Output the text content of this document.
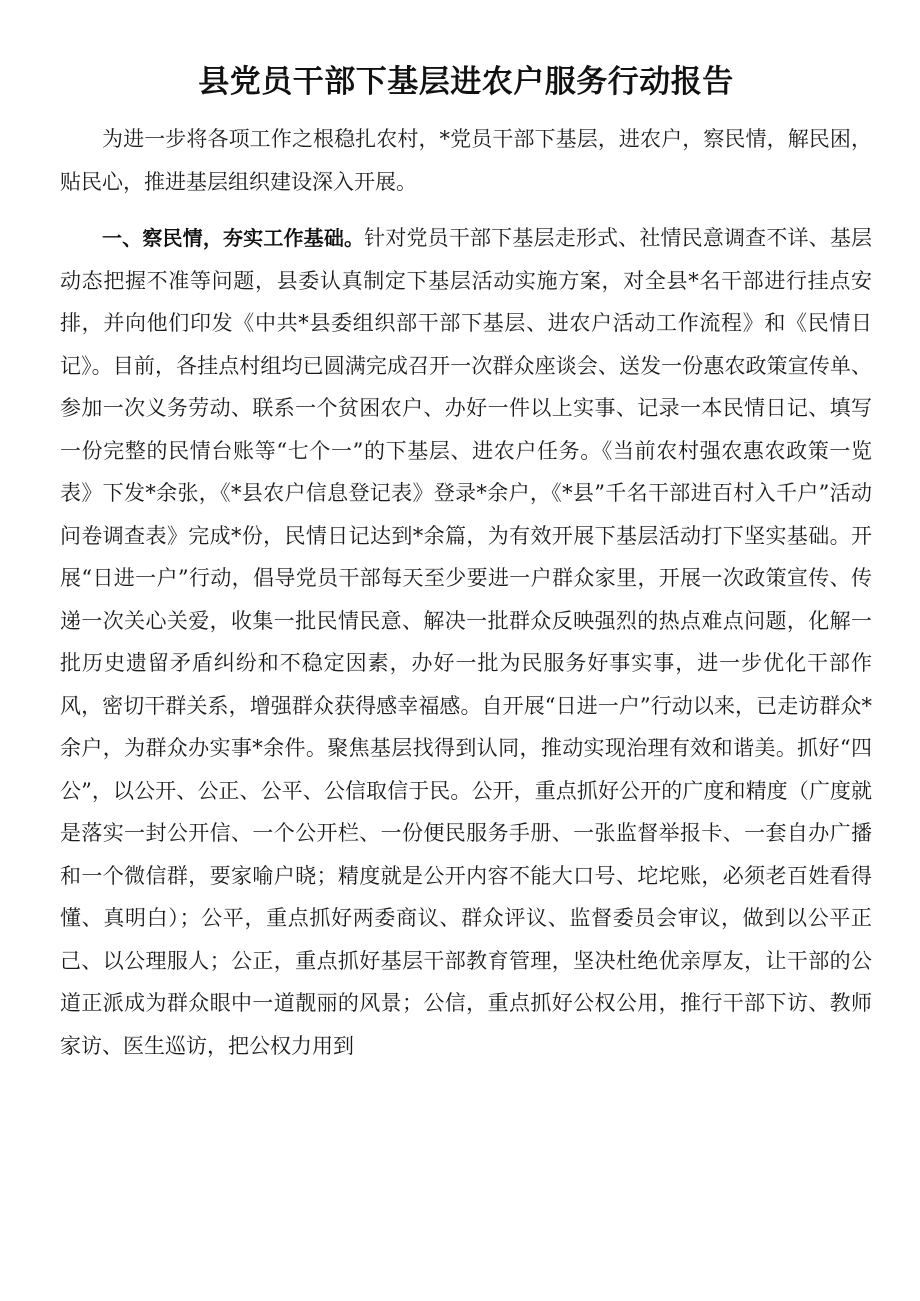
县党员干部下基层进农户服务行动报告

为进一步将各项工作之根稳扎农村，*党员干部下基层，进农户，察民情，解民困，贴民心，推进基层组织建设深入开展。

一、察民情，夯实工作基础。针对党员干部下基层走形式、社情民意调查不详、基层动态把握不准等问题，县委认真制定下基层活动实施方案，对全县*名干部进行挂点安排，并向他们印发《中共*县委组织部干部下基层、进农户活动工作流程》和《民情日记》。目前，各挂点村组均已圆满完成召开一次群众座谈会、送发一份惠农政策宣传单、参加一次义务劳动、联系一个贫困农户、办好一件以上实事、记录一本民情日记、填写一份完整的民情台账等“七个一”的下基层、进农户任务。《当前农村强农惠农政策一览表》下发*余张，《*县农户信息登记表》登录*余户，《*县”千名干部进百村入千户”活动问卷调查表》完成*份，民情日记达到*余篇，为有效开展下基层活动打下坚实基础。开展“日进一户”行动，倡导党员干部每天至少要进一户群众家里，开展一次政策宣传、传递一次关心关爱，收集一批民情民意、解决一批群众反映强烈的热点难点问题，化解一批历史遗留矛盾纠纷和不稳定因素，办好一批为民服务好事实事，进一步优化干部作风，密切干群关系，增强群众获得感幸福感。自开展“日进一户”行动以来，已走访群众*余户，为群众办实事*余件。聚焦基层找得到认同，推动实现治理有效和谐美。抓好“四公”，以公开、公正、公平、公信取信于民。公开，重点抓好公开的广度和精度（广度就是落实一封公开信、一个公开栏、一份便民服务手册、一张监督举报卡、一套自办广播和一个微信群，要家喻户晓；精度就是公开内容不能大口号、坨坨账，必须老百姓看得懂、真明白）；公平，重点抓好两委商议、群众评议、监督委员会审议，做到以公平正己、以公理服人；公正，重点抓好基层干部教育管理，坚决杜绝优亲厚友，让干部的公道正派成为群众眼中一道靓丽的风景；公信，重点抓好公权公用，推行干部下访、教师家访、医生巡访，把公权力用到
